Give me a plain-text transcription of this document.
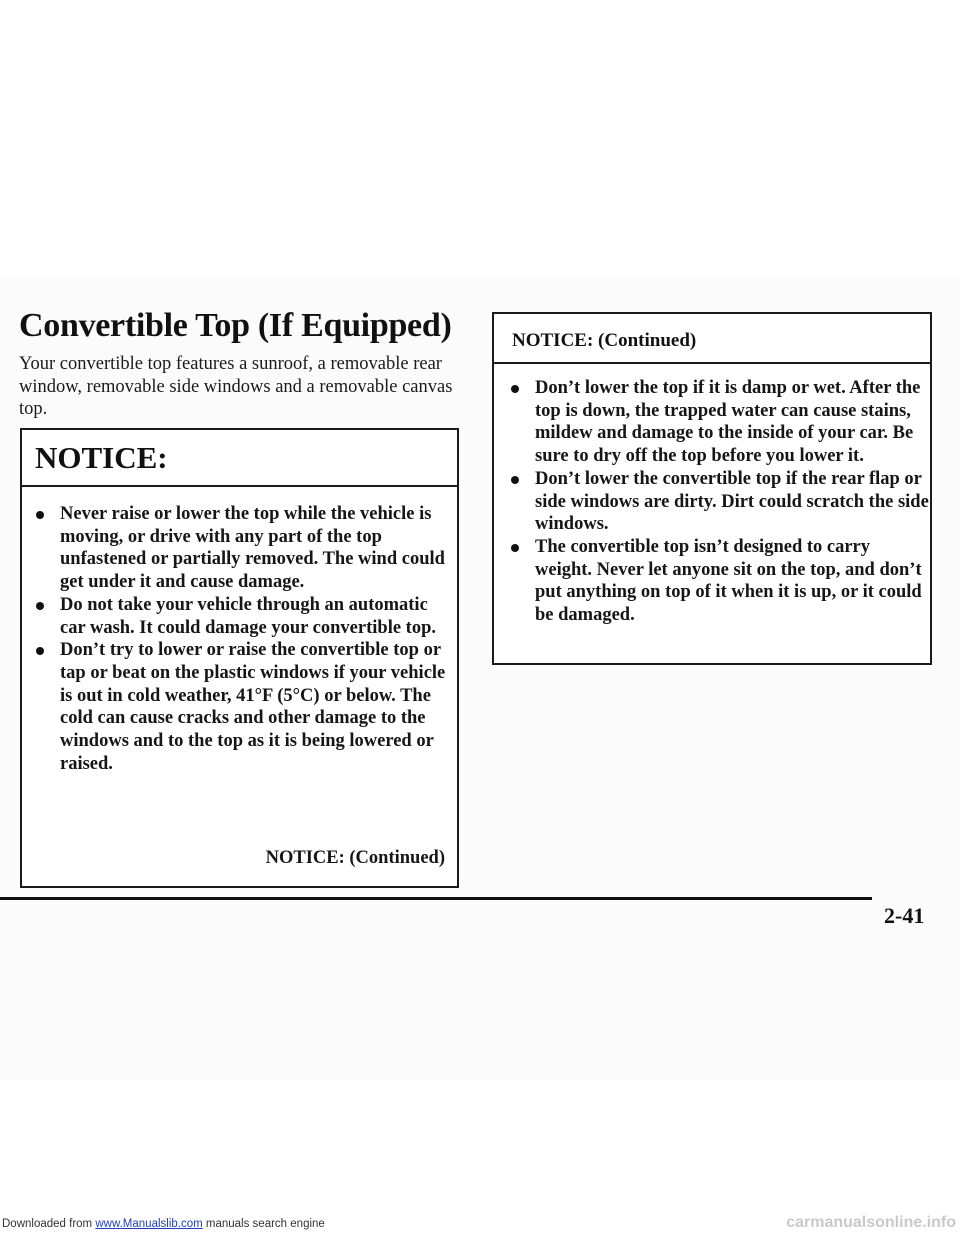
Convertible Top (If Equipped)

Your convertible top features a sunroof, a removable rear window, removable side windows and a removable canvas top.

NOTICE:
Never raise or lower the top while the vehicle is moving, or drive with any part of the top unfastened or partially removed. The wind could get under it and cause damage.
Do not take your vehicle through an automatic car wash. It could damage your convertible top.
Don’t try to lower or raise the convertible top or tap or beat on the plastic windows if your vehicle is out in cold weather, 41°F (5°C) or below. The cold can cause cracks and other damage to the windows and to the top as it is being lowered or raised.

NOTICE: (Continued)

NOTICE: (Continued)
Don’t lower the top if it is damp or wet. After the top is down, the trapped water can cause stains, mildew and damage to the inside of your car. Be sure to dry off the top before you lower it.
Don’t lower the convertible top if the rear flap or side windows are dirty. Dirt could scratch the side windows.
The convertible top isn’t designed to carry weight. Never let anyone sit on the top, and don’t put anything on top of it when it is up, or it could be damaged.

2-41

Downloaded from www.Manualslib.com manuals search engine	carmanualsonline.info
